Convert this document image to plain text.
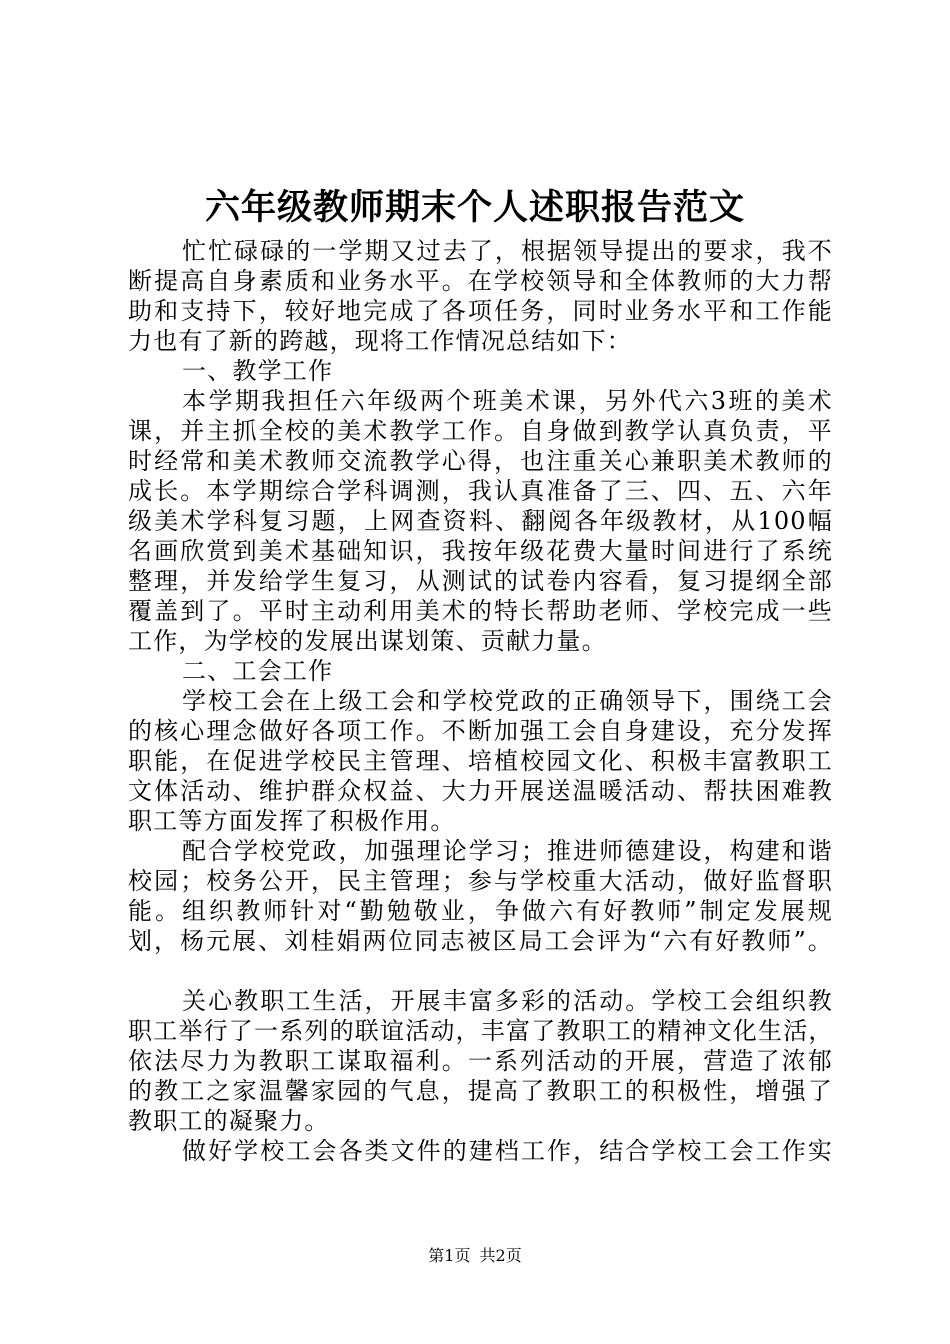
六年级教师期末个人述职报告范文
忙忙碌碌的一学期又过去了，根据领导提出的要求，我不
断提高自身素质和业务水平。在学校领导和全体教师的大力帮
助和支持下，较好地完成了各项任务，同时业务水平和工作能
力也有了新的跨越，现将工作情况总结如下：
一、教学工作
本学期我担任六年级两个班美术课，另外代六3班的美术
课，并主抓全校的美术教学工作。自身做到教学认真负责，平
时经常和美术教师交流教学心得，也注重关心兼职美术教师的
成长。本学期综合学科调测，我认真准备了三、四、五、六年
级美术学科复习题，上网查资料、翻阅各年级教材，从100幅
名画欣赏到美术基础知识，我按年级花费大量时间进行了系统
整理，并发给学生复习，从测试的试卷内容看，复习提纲全部
覆盖到了。平时主动利用美术的特长帮助老师、学校完成一些
工作，为学校的发展出谋划策、贡献力量。
二、工会工作
学校工会在上级工会和学校党政的正确领导下，围绕工会
的核心理念做好各项工作。不断加强工会自身建设，充分发挥
职能，在促进学校民主管理、培植校园文化、积极丰富教职工
文体活动、维护群众权益、大力开展送温暖活动、帮扶困难教
职工等方面发挥了积极作用。
配合学校党政，加强理论学习；推进师德建设，构建和谐
校园；校务公开，民主管理；参与学校重大活动，做好监督职
能。组织教师针对“勤勉敬业，争做六有好教师”制定发展规
划，杨元展、刘桂娟两位同志被区局工会评为“六有好教师”。
关心教职工生活，开展丰富多彩的活动。学校工会组织教
职工举行了一系列的联谊活动，丰富了教职工的精神文化生活，
依法尽力为教职工谋取福利。一系列活动的开展，营造了浓郁
的教工之家温馨家园的气息，提高了教职工的积极性，增强了
教职工的凝聚力。
做好学校工会各类文件的建档工作，结合学校工会工作实
第1页 共2页
